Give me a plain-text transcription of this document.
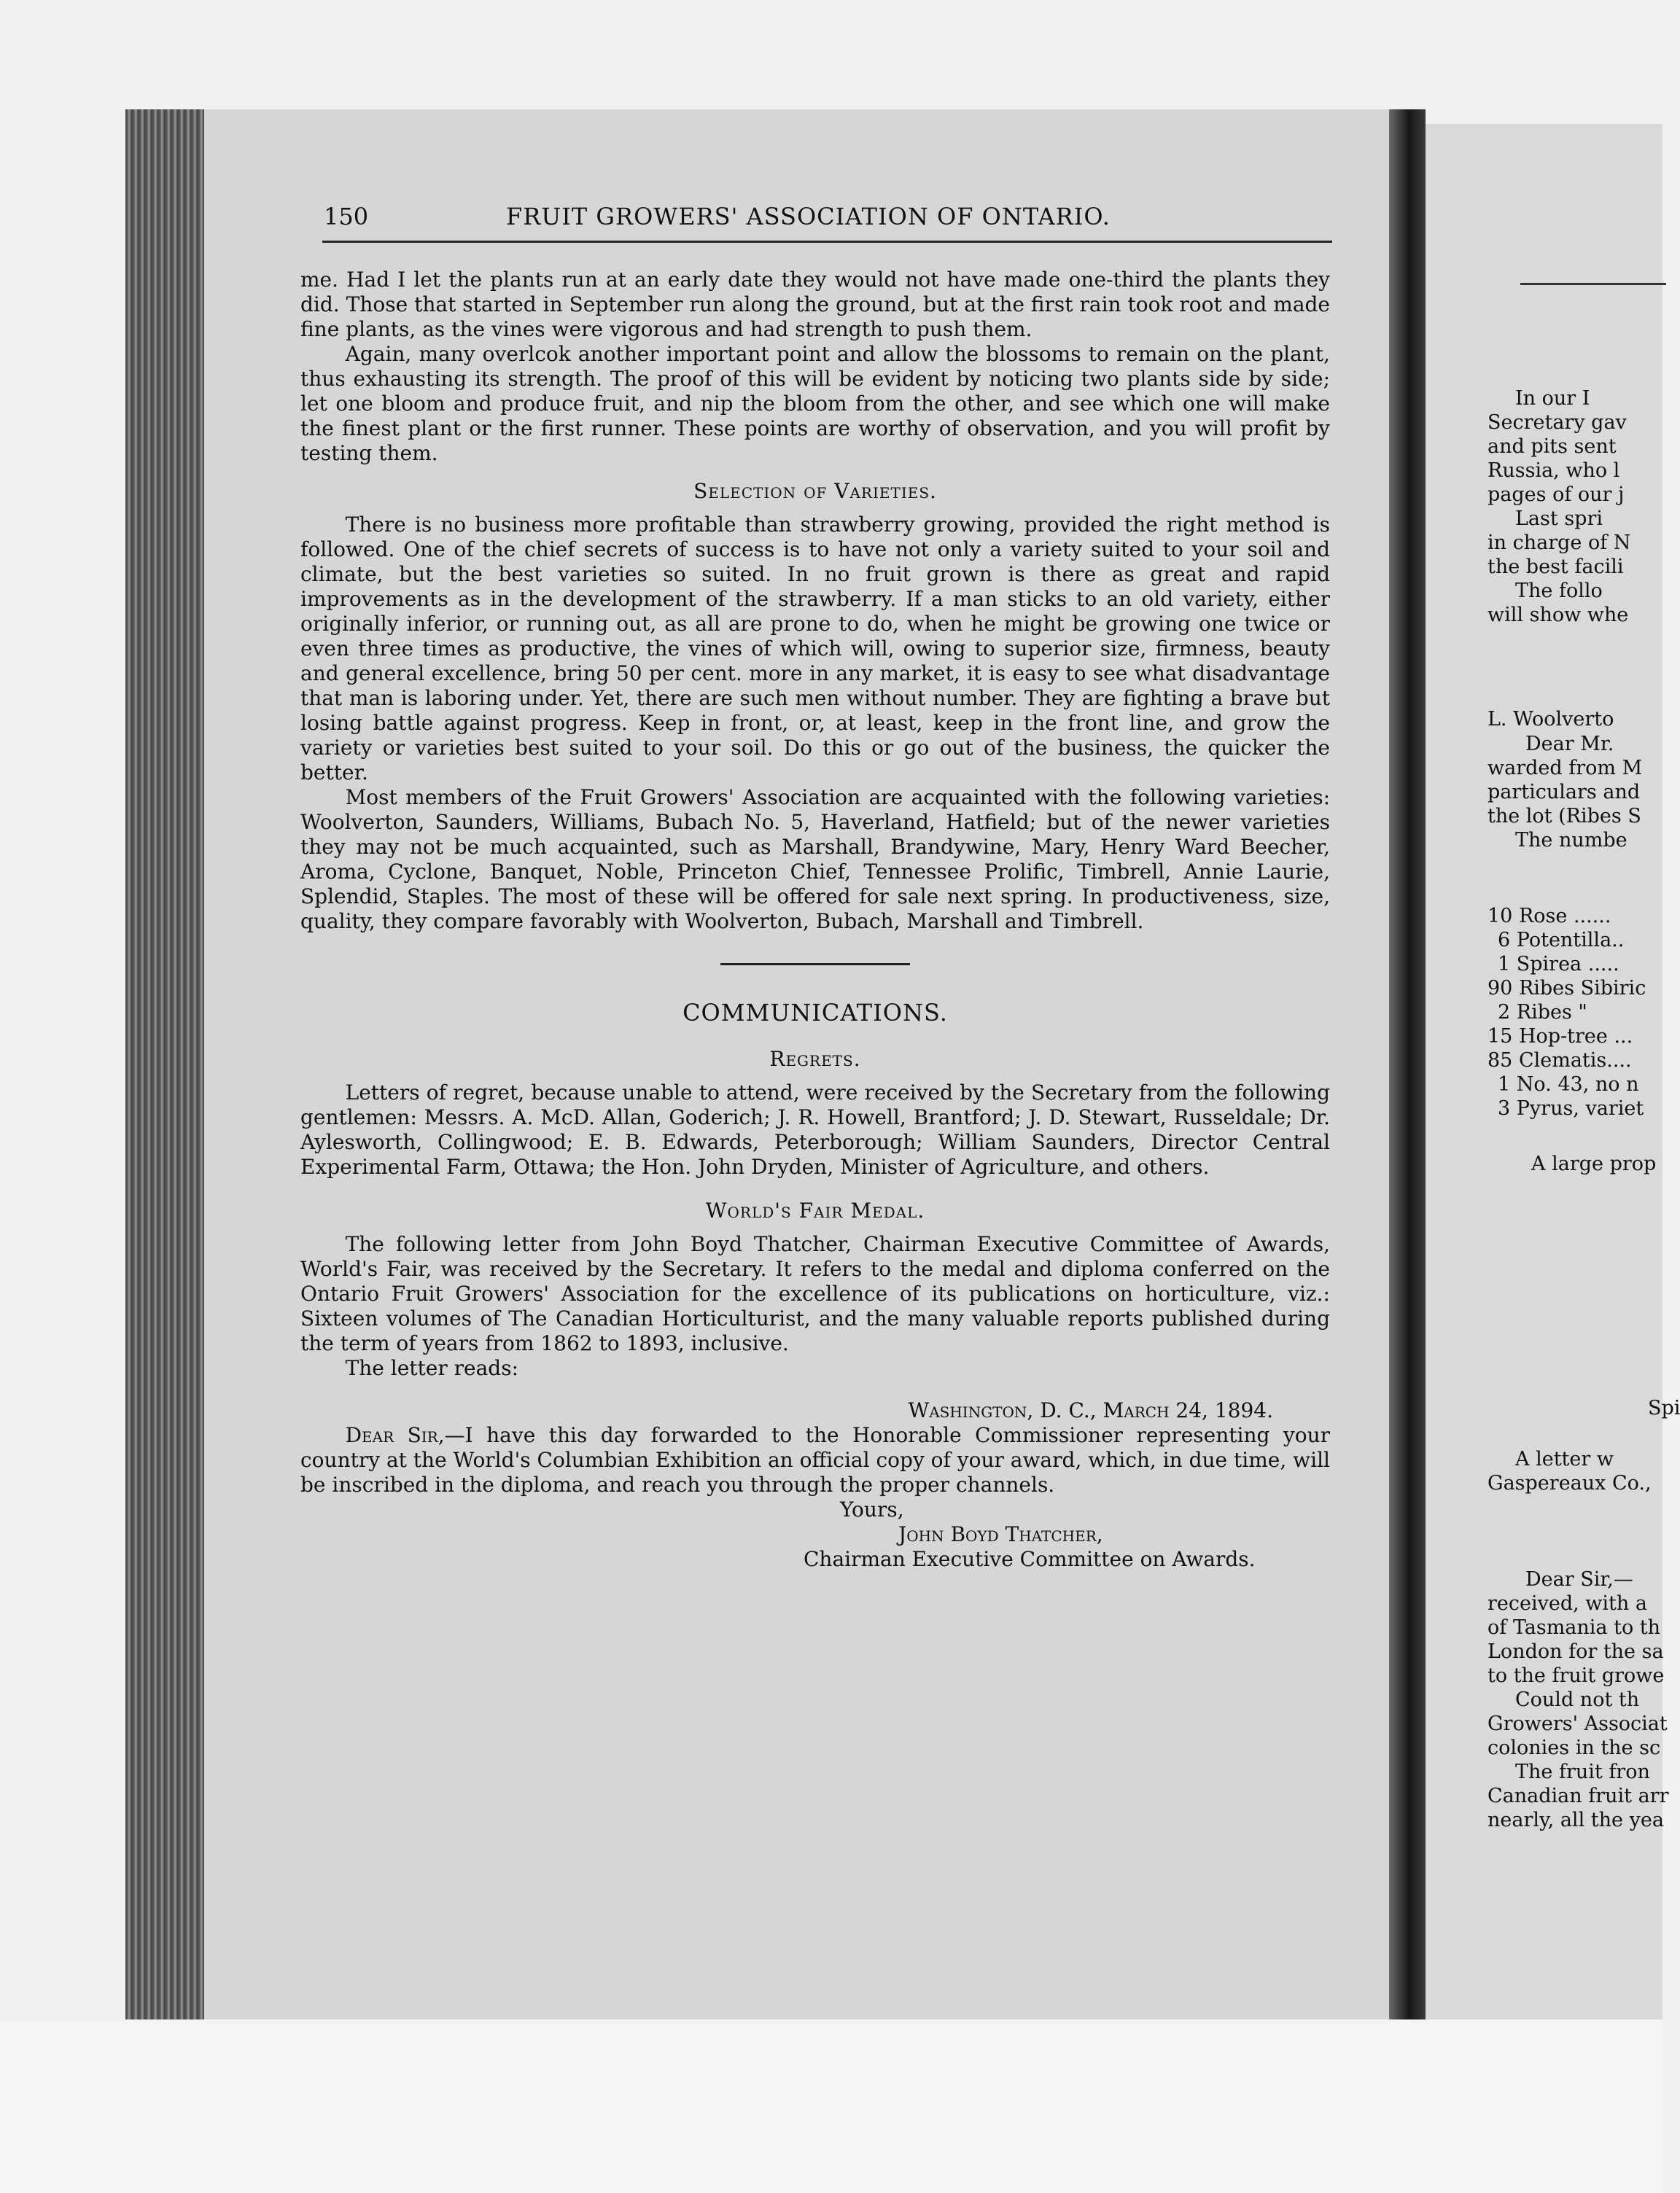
150	FRUIT GROWERS' ASSOCIATION OF ONTARIO.

me. Had I let the plants run at an early date they would not have made one-third the plants they did. Those that started in September run along the ground, but at the first rain took root and made fine plants, as the vines were vigorous and had strength to push them.

Again, many overlcok another important point and allow the blossoms to remain on the plant, thus exhausting its strength. The proof of this will be evident by noticing two plants side by side; let one bloom and produce fruit, and nip the bloom from the other, and see which one will make the finest plant or the first runner. These points are worthy of observation, and you will profit by testing them.

Selection of Varieties.

There is no business more profitable than strawberry growing, provided the right method is followed. One of the chief secrets of success is to have not only a variety suited to your soil and climate, but the best varieties so suited. In no fruit grown is there as great and rapid improvements as in the development of the strawberry. If a man sticks to an old variety, either originally inferior, or running out, as all are prone to do, when he might be growing one twice or even three times as productive, the vines of which will, owing to superior size, firmness, beauty and general excellence, bring 50 per cent. more in any market, it is easy to see what disadvantage that man is laboring under. Yet, there are such men without number. They are fighting a brave but losing battle against progress. Keep in front, or, at least, keep in the front line, and grow the variety or varieties best suited to your soil. Do this or go out of the business, the quicker the better.

Most members of the Fruit Growers' Association are acquainted with the following varieties: Woolverton, Saunders, Williams, Bubach No. 5, Haverland, Hatfield; but of the newer varieties they may not be much acquainted, such as Marshall, Brandywine, Mary, Henry Ward Beecher, Aroma, Cyclone, Banquet, Noble, Princeton Chief, Tennessee Prolific, Timbrell, Annie Laurie, Splendid, Staples. The most of these will be offered for sale next spring. In productiveness, size, quality, they compare favorably with Woolverton, Bubach, Marshall and Timbrell.

COMMUNICATIONS.
Regrets.

Letters of regret, because unable to attend, were received by the Secretary from the following gentlemen: Messrs. A. McD. Allan, Goderich; J. R. Howell, Brantford; J. D. Stewart, Russeldale; Dr. Aylesworth, Collingwood; E. B. Edwards, Peterborough; William Saunders, Director Central Experimental Farm, Ottawa; the Hon. John Dryden, Minister of Agriculture, and others.

World's Fair Medal.

The following letter from John Boyd Thatcher, Chairman Executive Committee of Awards, World's Fair, was received by the Secretary. It refers to the medal and diploma conferred on the Ontario Fruit Growers' Association for the excellence of its publications on horticulture, viz.: Sixteen volumes of The Canadian Horticulturist, and the many valuable reports published during the term of years from 1862 to 1893, inclusive.

The letter reads:

Washington, D. C., March 24, 1894.

Dear Sir,—I have this day forwarded to the Honorable Commissioner representing your country at the World's Columbian Exhibition an official copy of your award, which, in due time, will be inscribed in the diploma, and reach you through the proper channels.

Yours,
John Boyd Thatcher,
Chairman Executive Committee on Awards.
In our I
Secretary gav
and pits sent
Russia, who l
pages of our j
Last spri
in charge of N
the best facili
The follo
will show whe
L. Woolverto
Dear Mr.
warded from M
particulars and
the lot (Ribes S
The numbe
10 Rose ......
6 Potentilla..
1 Spirea .....
90 Ribes Sibiric
2 Ribes "
15 Hop-tree ...
85 Clematis....
1 No. 43, no n
3 Pyrus, variet
A large prop
Spi
A letter w
Gaspereaux Co.,
Dear Sir,—
received, with a
of Tasmania to th
London for the sa
to the fruit growe
Could not th
Growers' Associat
colonies in the sc
The fruit fron
Canadian fruit arr
nearly, all the yea
